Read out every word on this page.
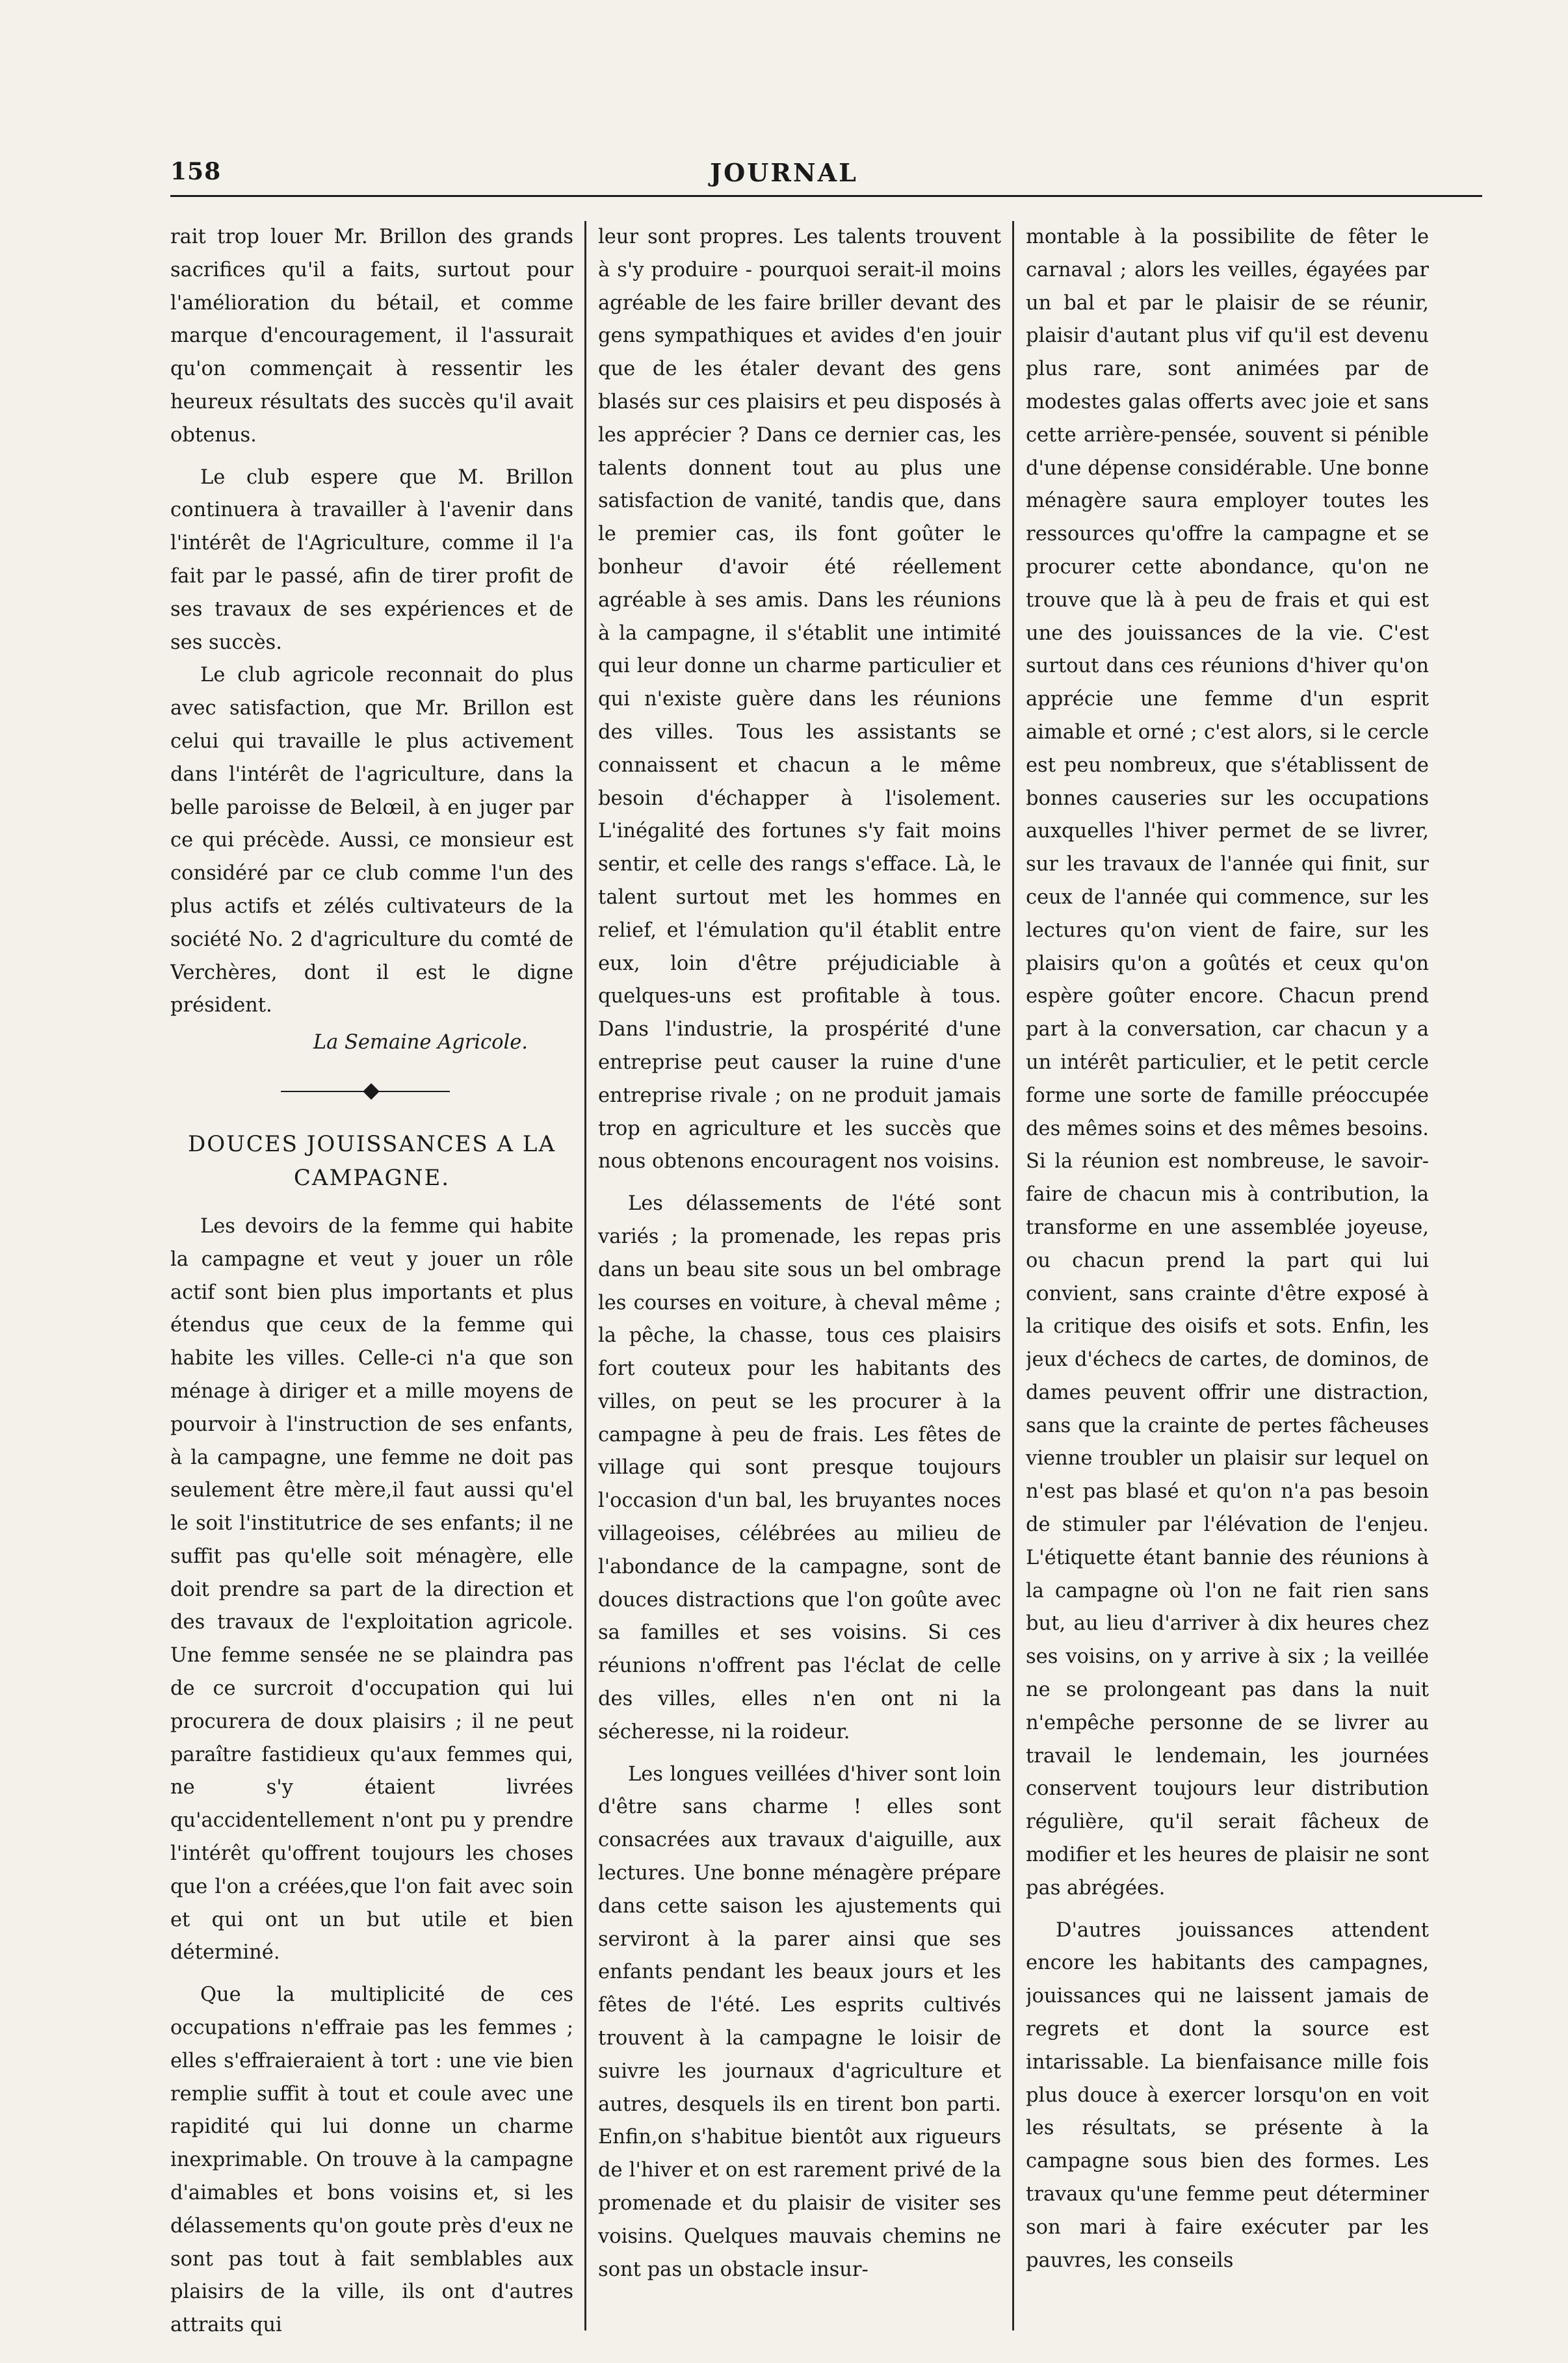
158	JOURNAL

rait trop louer Mr. Brillon des grands sacrifices qu'il a faits, surtout pour l'amélioration du bétail, et comme marque d'encouragement, il l'assurait qu'on commençait à ressentir les heureux résultats des succès qu'il avait obtenus.

Le club espere que M. Brillon continuera à travailler à l'avenir dans l'intérêt de l'Agriculture, comme il l'a fait par le passé, afin de tirer profit de ses travaux de ses expériences et de ses succès.

Le club agricole reconnait do plus avec satisfaction, que Mr. Brillon est celui qui travaille le plus activement dans l'intérêt de l'agriculture, dans la belle paroisse de Belœil, à en juger par ce qui précède. Aussi, ce monsieur est considéré par ce club comme l'un des plus actifs et zélés cultivateurs de la société No. 2 d'agriculture du comté de Verchères, dont il est le digne président.

La Semaine Agricole.
DOUCES JOUISSANCES A LA
CAMPAGNE.

Les devoirs de la femme qui habite la campagne et veut y jouer un rôle actif sont bien plus importants et plus étendus que ceux de la femme qui habite les villes. Celle-ci n'a que son ménage à diriger et a mille moyens de pourvoir à l'instruction de ses enfants, à la campagne, une femme ne doit pas seulement être mère,il faut aussi qu'el le soit l'institutrice de ses enfants; il ne suffit pas qu'elle soit ménagère, elle doit prendre sa part de la direction et des travaux de l'exploitation agricole. Une femme sensée ne se plaindra pas de ce surcroit d'occupation qui lui procurera de doux plaisirs ; il ne peut paraître fastidieux qu'aux femmes qui, ne s'y étaient livrées qu'accidentellement n'ont pu y prendre l'intérêt qu'offrent toujours les choses que l'on a créées,que l'on fait avec soin et qui ont un but utile et bien déterminé.

Que la multiplicité de ces occupations n'effraie pas les femmes ; elles s'effraieraient à tort : une vie bien remplie suffit à tout et coule avec une rapidité qui lui donne un charme inexprimable. On trouve à la campagne d'aimables et bons voisins et, si les délassements qu'on goute près d'eux ne sont pas tout à fait semblables aux plaisirs de la ville, ils ont d'autres attraits qui

leur sont propres. Les talents trouvent à s'y produire - pourquoi serait-il moins agréable de les faire briller devant des gens sympathiques et avides d'en jouir que de les étaler devant des gens blasés sur ces plaisirs et peu disposés à les apprécier ? Dans ce dernier cas, les talents donnent tout au plus une satisfaction de vanité, tandis que, dans le premier cas, ils font goûter le bonheur d'avoir été réellement agréable à ses amis. Dans les réunions à la campagne, il s'établit une intimité qui leur donne un charme particulier et qui n'existe guère dans les réunions des villes. Tous les assistants se connaissent et chacun a le même besoin d'échapper à l'isolement. L'inégalité des fortunes s'y fait moins sentir, et celle des rangs s'efface. Là, le talent surtout met les hommes en relief, et l'émulation qu'il établit entre eux, loin d'être préjudiciable à quelques-uns est profitable à tous. Dans l'industrie, la prospérité d'une entreprise peut causer la ruine d'une entreprise rivale ; on ne produit jamais trop en agriculture et les succès que nous obtenons encouragent nos voisins.

Les délassements de l'été sont variés ; la promenade, les repas pris dans un beau site sous un bel ombrage les courses en voiture, à cheval même ; la pêche, la chasse, tous ces plaisirs fort couteux pour les habitants des villes, on peut se les procurer à la campagne à peu de frais. Les fêtes de village qui sont presque toujours l'occasion d'un bal, les bruyantes noces villageoises, célébrées au milieu de l'abondance de la campagne, sont de douces distractions que l'on goûte avec sa familles et ses voisins. Si ces réunions n'offrent pas l'éclat de celle des villes, elles n'en ont ni la sécheresse, ni la roideur.

Les longues veillées d'hiver sont loin d'être sans charme ! elles sont consacrées aux travaux d'aiguille, aux lectures. Une bonne ménagère prépare dans cette saison les ajustements qui serviront à la parer ainsi que ses enfants pendant les beaux jours et les fêtes de l'été. Les esprits cultivés trouvent à la campagne le loisir de suivre les journaux d'agriculture et autres, desquels ils en tirent bon parti. Enfin,on s'habitue bientôt aux rigueurs de l'hiver et on est rarement privé de la promenade et du plaisir de visiter ses voisins. Quelques mauvais chemins ne sont pas un obstacle insur-

montable à la possibilite de fêter le carnaval ; alors les veilles, égayées par un bal et par le plaisir de se réunir, plaisir d'autant plus vif qu'il est devenu plus rare, sont animées par de modestes galas offerts avec joie et sans cette arrière-pensée, souvent si pénible d'une dépense considérable. Une bonne ménagère saura employer toutes les ressources qu'offre la campagne et se procurer cette abondance, qu'on ne trouve que là à peu de frais et qui est une des jouissances de la vie. C'est surtout dans ces réunions d'hiver qu'on apprécie une femme d'un esprit aimable et orné ; c'est alors, si le cercle est peu nombreux, que s'établissent de bonnes causeries sur les occupations auxquelles l'hiver permet de se livrer, sur les travaux de l'année qui finit, sur ceux de l'année qui commence, sur les lectures qu'on vient de faire, sur les plaisirs qu'on a goûtés et ceux qu'on espère goûter encore. Chacun prend part à la conversation, car chacun y a un intérêt particulier, et le petit cercle forme une sorte de famille préoccupée des mêmes soins et des mêmes besoins. Si la réunion est nombreuse, le savoir-faire de chacun mis à contribution, la transforme en une assemblée joyeuse, ou chacun prend la part qui lui convient, sans crainte d'être exposé à la critique des oisifs et sots. Enfin, les jeux d'échecs de cartes, de dominos, de dames peuvent offrir une distraction, sans que la crainte de pertes fâcheuses vienne troubler un plaisir sur lequel on n'est pas blasé et qu'on n'a pas besoin de stimuler par l'élévation de l'enjeu. L'étiquette étant bannie des réunions à la campagne où l'on ne fait rien sans but, au lieu d'arriver à dix heures chez ses voisins, on y arrive à six ; la veillée ne se prolongeant pas dans la nuit n'empêche personne de se livrer au travail le lendemain, les journées conservent toujours leur distribution régulière, qu'il serait fâcheux de modifier et les heures de plaisir ne sont pas abrégées.

D'autres jouissances attendent encore les habitants des campagnes, jouissances qui ne laissent jamais de regrets et dont la source est intarissable. La bienfaisance mille fois plus douce à exercer lorsqu'on en voit les résultats, se présente à la campagne sous bien des formes. Les travaux qu'une femme peut déterminer son mari à faire exécuter par les pauvres, les conseils
